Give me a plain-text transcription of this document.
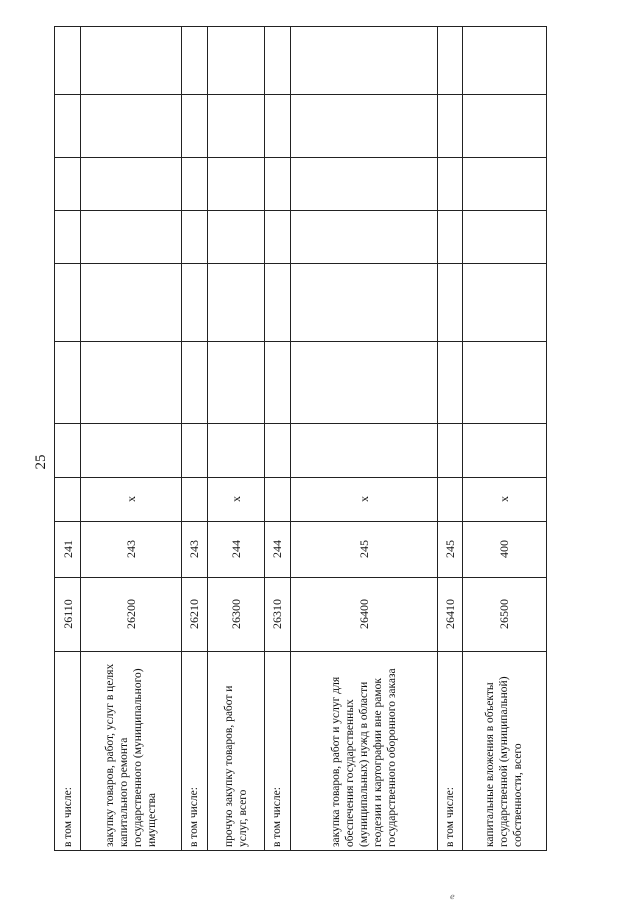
25
ℯ
в том числе:
26110
241
закупку товаров, работ, услуг в целях капитального ремонта государственного (муниципального) имущества
26200
243
x
в том числе:
26210
243
прочую закупку товаров, работ и услуг, всего
26300
244
x
в том числе:
26310
244
закупка товаров, работ и услуг для обеспечения государственных (муниципальных) нужд в области геодезии и картографии вне рамок государственного оборонного заказа
26400
245
x
в том числе:
26410
245
капитальные вложения в объекты государственной (муниципальной) собственности, всего
26500
400
x
